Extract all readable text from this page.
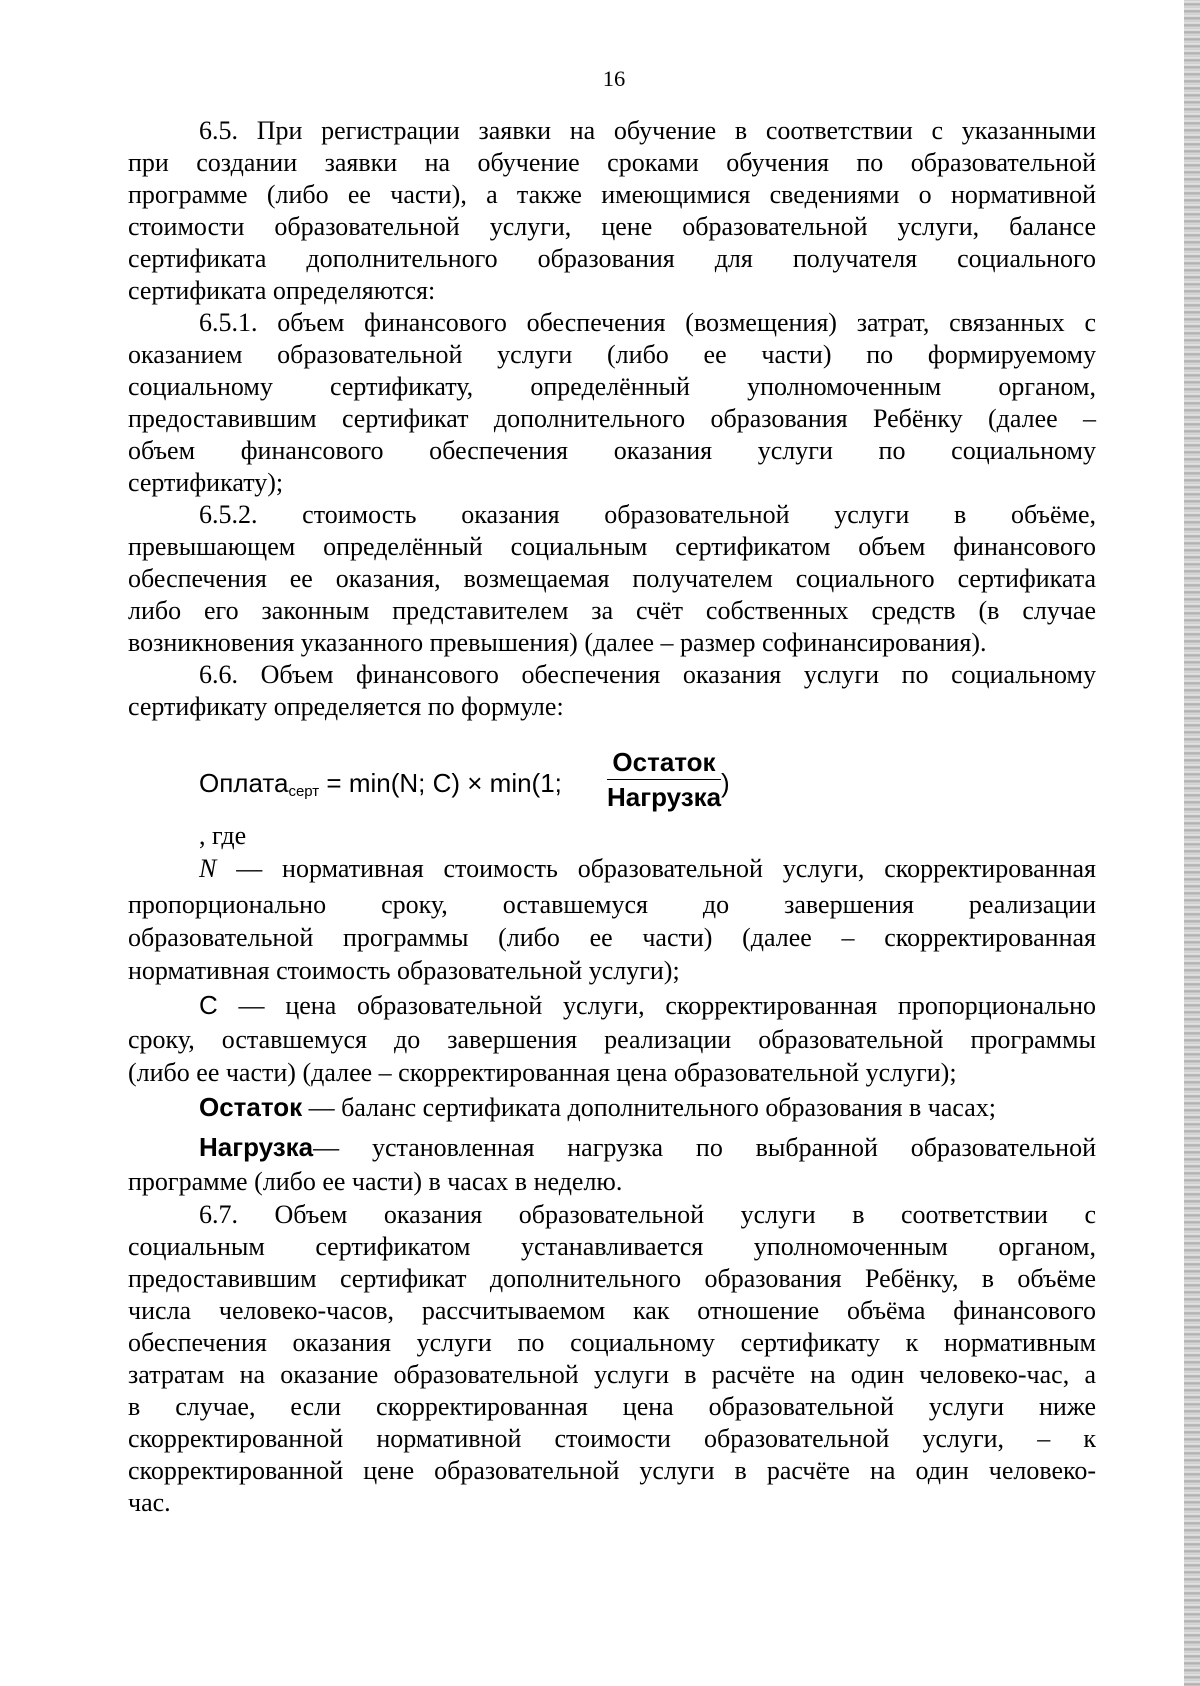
16
6.5. При регистрации заявки на обучение в соответствии с указанными
при создании заявки на обучение сроками обучения по образовательной
программе (либо ее части), а также имеющимися сведениями о нормативной
стоимости образовательной услуги, цене образовательной услуги, балансе
сертификата дополнительного образования для получателя социального
сертификата определяются:
6.5.1. объем финансового обеспечения (возмещения) затрат, связанных с
оказанием образовательной услуги (либо ее части) по формируемому
социальному сертификату, определённый уполномоченным органом,
предоставившим сертификат дополнительного образования Ребёнку (далее –
объем финансового обеспечения оказания услуги по социальному
сертификату);
6.5.2. стоимость оказания образовательной услуги в объёме,
превышающем определённый социальным сертификатом объем финансового
обеспечения ее оказания, возмещаемая получателем социального сертификата
либо его законным представителем за счёт собственных средств (в случае
возникновения указанного превышения) (далее – размер софинансирования).
6.6. Объем финансового обеспечения оказания услуги по социальному
сертификату определяется по формуле:
Оплата$_{серт}$ = min(N; C) × min(1;
Остаток
Нагрузка )
, где
N — нормативная стоимость образовательной услуги, скорректированная
пропорционально сроку, оставшемуся до завершения реализации
образовательной программы (либо ее части) (далее – скорректированная
нормативная стоимость образовательной услуги);
C — цена образовательной услуги, скорректированная пропорционально
сроку, оставшемуся до завершения реализации образовательной программы
(либо ее части) (далее – скорректированная цена образовательной услуги);
Остаток — баланс сертификата дополнительного образования в часах;
Нагрузка— установленная нагрузка по выбранной образовательной
программе (либо ее части) в часах в неделю.
6.7. Объем оказания образовательной услуги в соответствии с
социальным сертификатом устанавливается уполномоченным органом,
предоставившим сертификат дополнительного образования Ребёнку, в объёме
числа человеко-часов, рассчитываемом как отношение объёма финансового
обеспечения оказания услуги по социальному сертификату к нормативным
затратам на оказание образовательной услуги в расчёте на один человеко-час, а
в случае, если скорректированная цена образовательной услуги ниже
скорректированной нормативной стоимости образовательной услуги, – к
скорректированной цене образовательной услуги в расчёте на один человеко-
час.
